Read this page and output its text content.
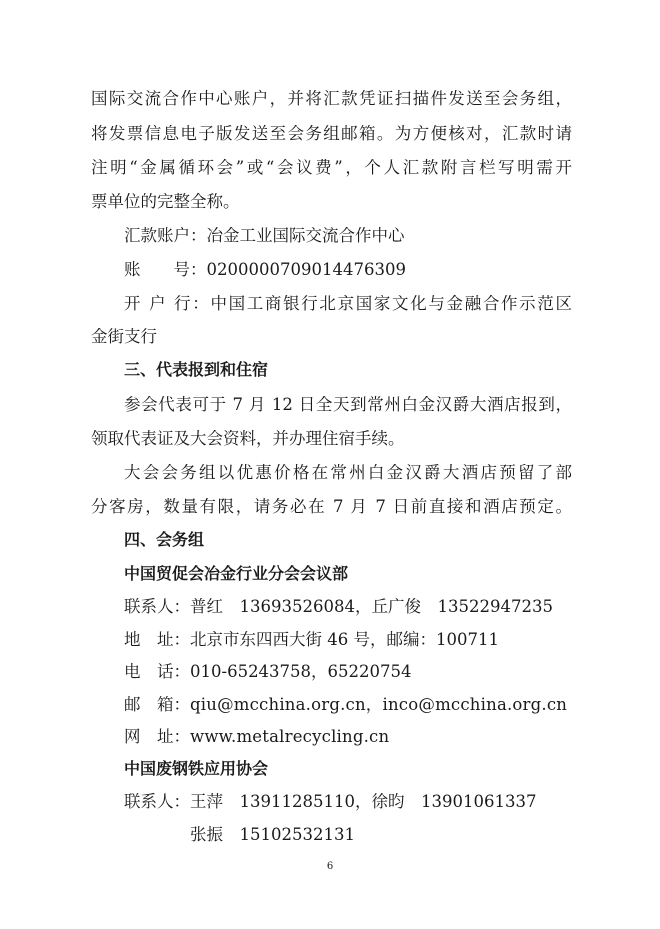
国际交流合作中心账户，并将汇款凭证扫描件发送至会务组，
将发票信息电子版发送至会务组邮箱。为方便核对，汇款时请
注明“金属循环会”或“会议费”，个人汇款附言栏写明需开
票单位的完整全称。
汇款账户：冶金工业国际交流合作中心
账　　号：0200000709014476309
开 户 行：中国工商银行北京国家文化与金融合作示范区
金街支行
三、代表报到和住宿
参会代表可于 7 月 12 日全天到常州白金汉爵大酒店报到，
领取代表证及大会资料，并办理住宿手续。
大会会务组以优惠价格在常州白金汉爵大酒店预留了部
分客房，数量有限，请务必在 7 月 7 日前直接和酒店预定。
四、会务组
中国贸促会冶金行业分会会议部
联系人：普红　13693526084，丘广俊　13522947235
地　址：北京市东四西大街 46 号，邮编：100711
电　话：010-65243758，65220754
邮　箱：qiu@mcchina.org.cn，inco@mcchina.org.cn
网　址：www.metalrecycling.cn
中国废钢铁应用协会
联系人：王萍　13911285110，徐昀　13901061337
张振　15102532131
6
